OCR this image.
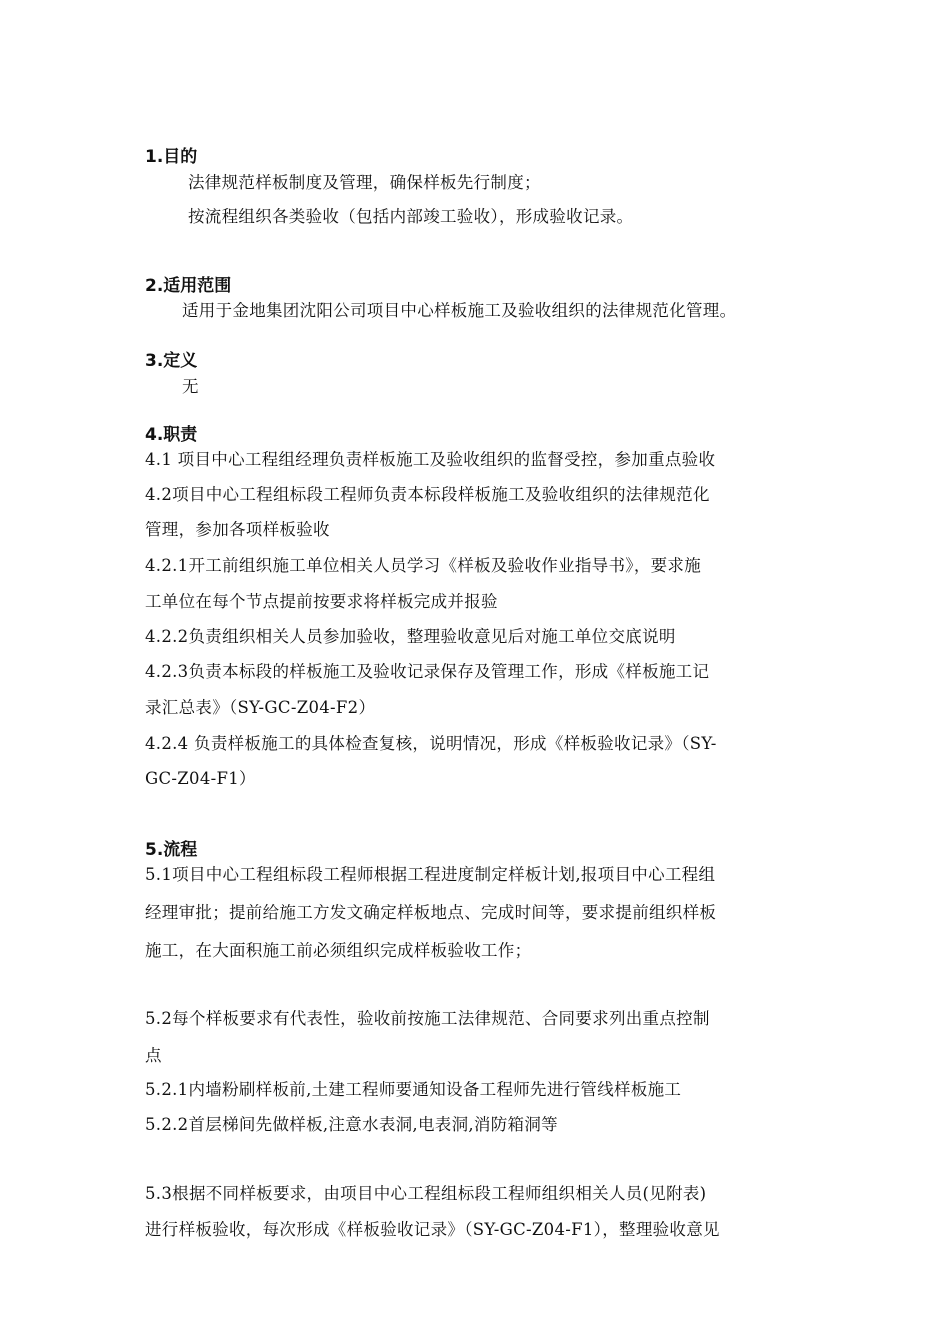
1.目的
法律规范样板制度及管理，确保样板先行制度；
按流程组织各类验收（包括内部竣工验收），形成验收记录。
2.适用范围
适用于金地集团沈阳公司项目中心样板施工及验收组织的法律规范化管理。
3.定义
无
4.职责
4.1 项目中心工程组经理负责样板施工及验收组织的监督受控，参加重点验收
4.2项目中心工程组标段工程师负责本标段样板施工及验收组织的法律规范化
管理，参加各项样板验收
4.2.1开工前组织施工单位相关人员学习《样板及验收作业指导书》，要求施
工单位在每个节点提前按要求将样板完成并报验
4.2.2负责组织相关人员参加验收，整理验收意见后对施工单位交底说明
4.2.3负责本标段的样板施工及验收记录保存及管理工作，形成《样板施工记
录汇总表》（SY-GC-Z04-F2）
4.2.4 负责样板施工的具体检查复核，说明情况，形成《样板验收记录》（SY-
GC-Z04-F1）
5.流程
5.1项目中心工程组标段工程师根据工程进度制定样板计划,报项目中心工程组
经理审批；提前给施工方发文确定样板地点、完成时间等，要求提前组织样板
施工，在大面积施工前必须组织完成样板验收工作；
5.2每个样板要求有代表性，验收前按施工法律规范、合同要求列出重点控制
点
5.2.1内墙粉刷样板前,土建工程师要通知设备工程师先进行管线样板施工
5.2.2首层梯间先做样板,注意水表洞,电表洞,消防箱洞等
5.3根据不同样板要求，由项目中心工程组标段工程师组织相关人员(见附表)
进行样板验收，每次形成《样板验收记录》（SY-GC-Z04-F1），整理验收意见
